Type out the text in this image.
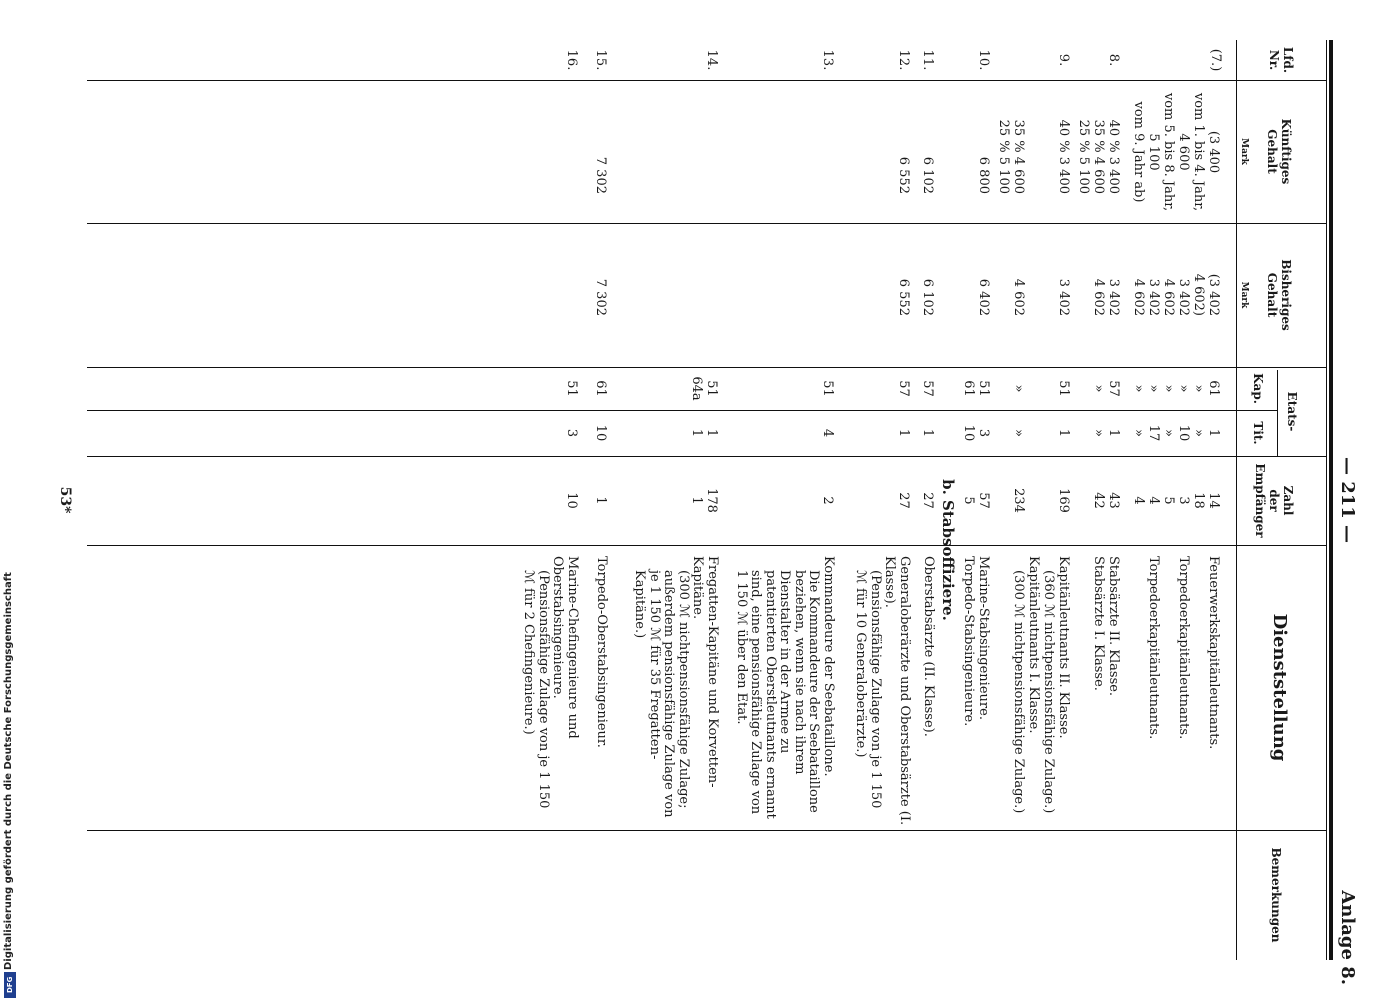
Digitalisierung gefördert durch die Deutsche Forschungsgemeinschaft
DFG
— 211 —
Anlage 8.
Lfd.
Nr.
Künftiges
Gehalt
Mark
Bisheriges
Gehalt
Mark
Etats-
Kap.
Tit.
Zahl
der
Empfänger
Dienststellung
Bemerkungen
(7.)
(3 400
vom 1. bis 4. Jahr,
4 600
vom 5. bis 8. Jahr,
5 100
vom 9. Jahr ab)
(3 402
4 602)
3 402
4 602
3 402
4 602
61
»
»
»
»
»
1
»
10
»
17
»
14
18
3
5
4
4
Feuerwerkskapitänleutnants.

Torpedoerkapitänleutnants.

Torpedoerkapitänleutnants.
8.
40 % 3 400
35 % 4 600
25 % 5 100
3 402
4 602
57
»
1
»
43
42
Stabsärzte II. Klasse.
Stabsärzte I. Klasse.
9.
40 % 3 400

35 % 4 600
25 % 5 100
3 402

4 602
51

»
1

»
169

234
Kapitänleutnants II. Klasse.
(360 ℳ nichtpensionsfähige Zulage.)
Kapitänleutnants I. Klasse.
(300 ℳ nichtpensionsfähige Zulage.)
10.
6 800
6 402
51
61
3
10
57
5
Marine-Stabsingenieure.
Torpedo-Stabsingenieure.
b. Stabsoffiziere.
11.
6 102
6 102
57
1
27
Oberstabsärzte (II. Klasse).
12.
6 552
6 552
57
1
27
Generaloberärzte und Oberstabsärzte (I. Klasse).
(Pensionsfähige Zulage von je 1 150 ℳ für 10 Generaloberärzte.)
13.
51
4
2
Kommandeure der Seebataillone.
Die Kommandeure der Seebataillone beziehen, wenn sie nach ihrem Dienstalter in der Armee zu patentierten Oberstleutnants ernannt sind, eine pensionsfähige Zulage von 1 150 ℳ über den Etat.
14.
51
64a
1
1
178
1
Fregatten-Kapitäne und Korvetten-Kapitäne.
(300 ℳ nichtpensionsfähige Zulage; außerdem pensionsfähige Zulage von je 1 150 ℳ für 35 Fregatten-Kapitäne.)
15.
7 302
7 302
61
10
1
Torpedo-Oberstabsingenieur.
16.
51
3
10
Marine-Chefingenieure und Oberstabsingenieure.
(Pensionsfähige Zulage von je 1 150 ℳ für 2 Chefingenieure.)
53*
